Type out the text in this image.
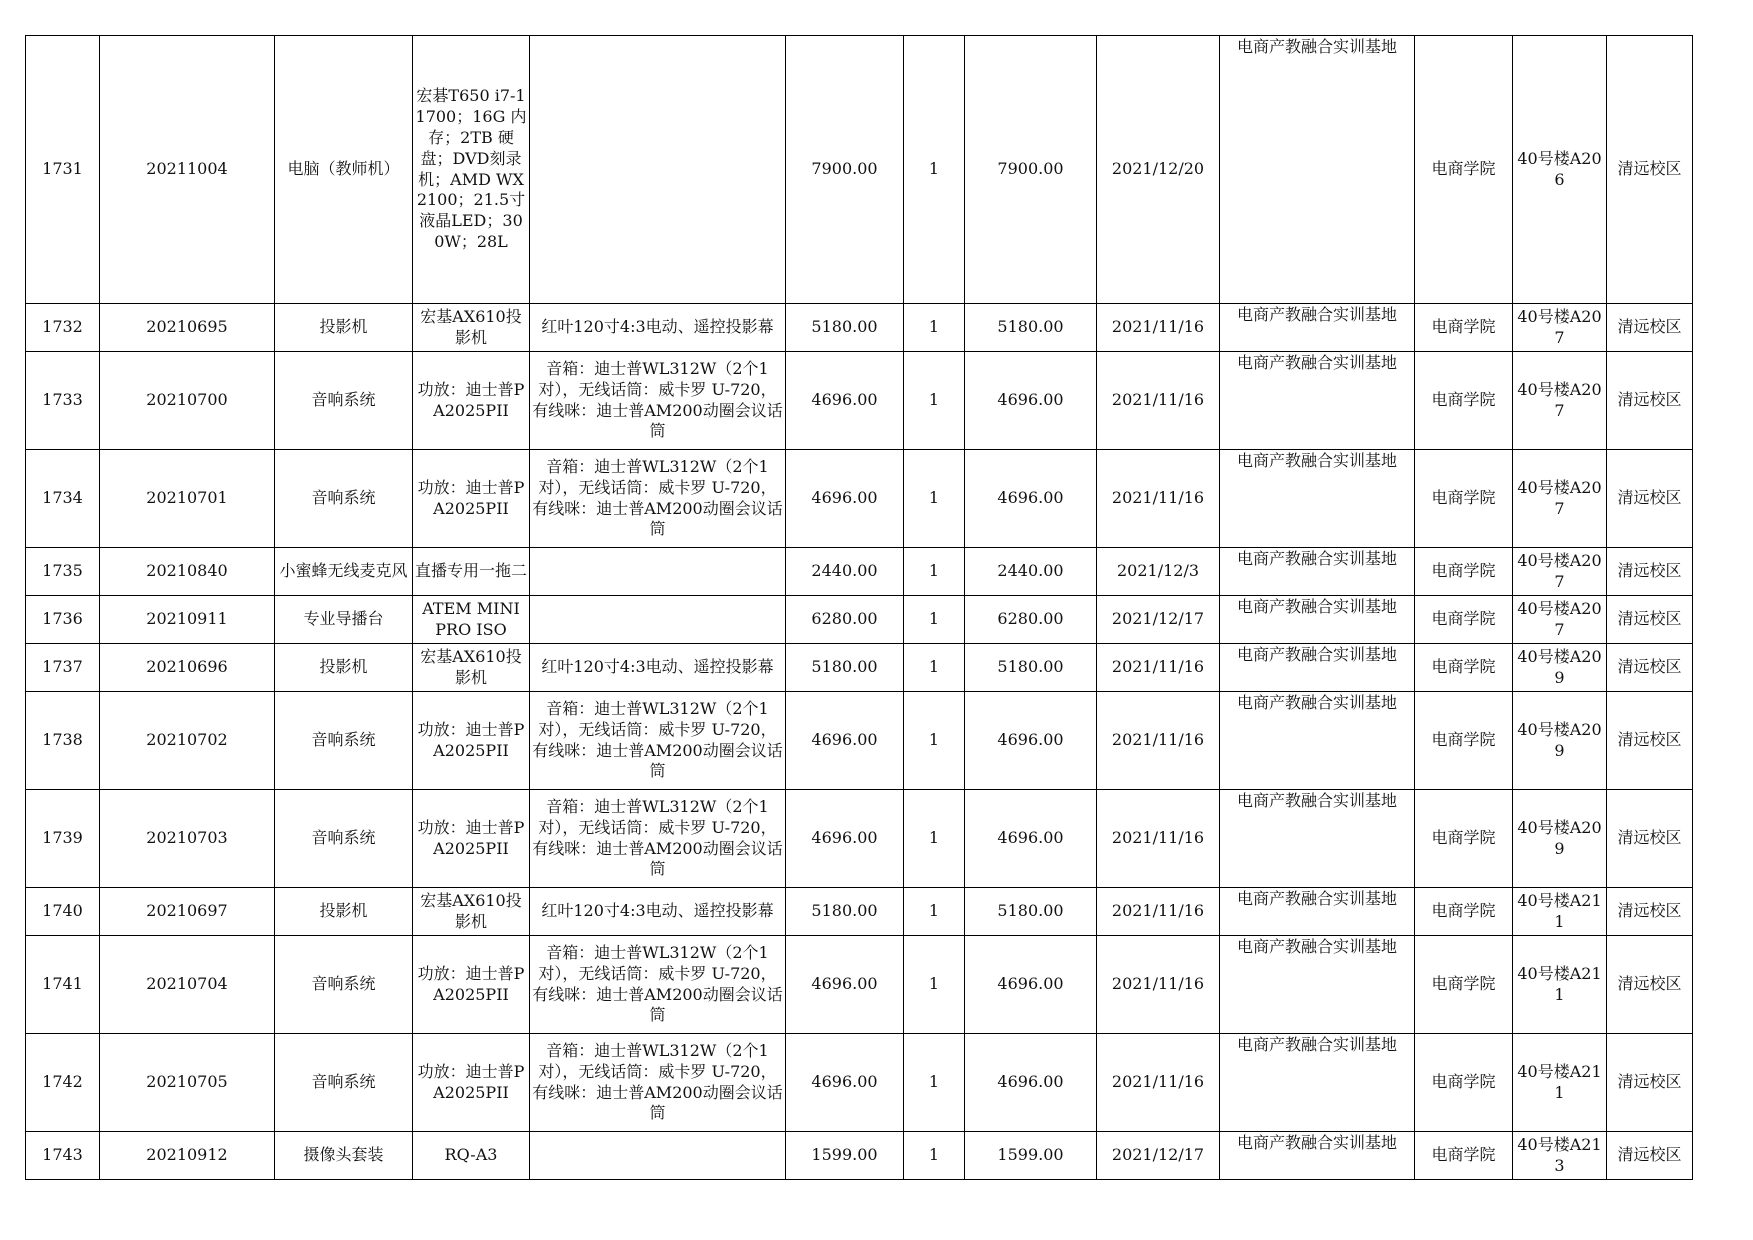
1731	20211004	电脑（教师机）	宏碁T650 i7-11700；16G 内存；2TB 硬盘；DVD刻录机；AMD WX2100；21.5寸液晶LED；300W；28L		7900.00	1	7900.00	2021/12/20	电商产教融合实训基地	电商学院	40号楼A206	清远校区

1732	20210695	投影机	宏基AX610投影机	红叶120寸4:3电动、遥控投影幕	5180.00	1	5180.00	2021/11/16	电商产教融合实训基地	电商学院	40号楼A207	清远校区

1733	20210700	音响系统	功放：迪士普PA2025PII	音箱：迪士普WL312W（2个1对），无线话筒：威卡罗 U-720，有线咪：迪士普AM200动圈会议话筒	4696.00	1	4696.00	2021/11/16	电商产教融合实训基地	电商学院	40号楼A207	清远校区

1734	20210701	音响系统	功放：迪士普PA2025PII	音箱：迪士普WL312W（2个1对），无线话筒：威卡罗 U-720，有线咪：迪士普AM200动圈会议话筒	4696.00	1	4696.00	2021/11/16	电商产教融合实训基地	电商学院	40号楼A207	清远校区

1735	20210840	小蜜蜂无线麦克风	直播专用一拖二		2440.00	1	2440.00	2021/12/3	电商产教融合实训基地	电商学院	40号楼A207	清远校区

1736	20210911	专业导播台	ATEM MINI PRO ISO		6280.00	1	6280.00	2021/12/17	电商产教融合实训基地	电商学院	40号楼A207	清远校区

1737	20210696	投影机	宏基AX610投影机	红叶120寸4:3电动、遥控投影幕	5180.00	1	5180.00	2021/11/16	电商产教融合实训基地	电商学院	40号楼A209	清远校区

1738	20210702	音响系统	功放：迪士普PA2025PII	音箱：迪士普WL312W（2个1对），无线话筒：威卡罗 U-720，有线咪：迪士普AM200动圈会议话筒	4696.00	1	4696.00	2021/11/16	电商产教融合实训基地	电商学院	40号楼A209	清远校区

1739	20210703	音响系统	功放：迪士普PA2025PII	音箱：迪士普WL312W（2个1对），无线话筒：威卡罗 U-720，有线咪：迪士普AM200动圈会议话筒	4696.00	1	4696.00	2021/11/16	电商产教融合实训基地	电商学院	40号楼A209	清远校区

1740	20210697	投影机	宏基AX610投影机	红叶120寸4:3电动、遥控投影幕	5180.00	1	5180.00	2021/11/16	电商产教融合实训基地	电商学院	40号楼A211	清远校区

1741	20210704	音响系统	功放：迪士普PA2025PII	音箱：迪士普WL312W（2个1对），无线话筒：威卡罗 U-720，有线咪：迪士普AM200动圈会议话筒	4696.00	1	4696.00	2021/11/16	电商产教融合实训基地	电商学院	40号楼A211	清远校区

1742	20210705	音响系统	功放：迪士普PA2025PII	音箱：迪士普WL312W（2个1对），无线话筒：威卡罗 U-720，有线咪：迪士普AM200动圈会议话筒	4696.00	1	4696.00	2021/11/16	电商产教融合实训基地	电商学院	40号楼A211	清远校区

1743	20210912	摄像头套装	RQ-A3		1599.00	1	1599.00	2021/12/17	电商产教融合实训基地	电商学院	40号楼A213	清远校区
